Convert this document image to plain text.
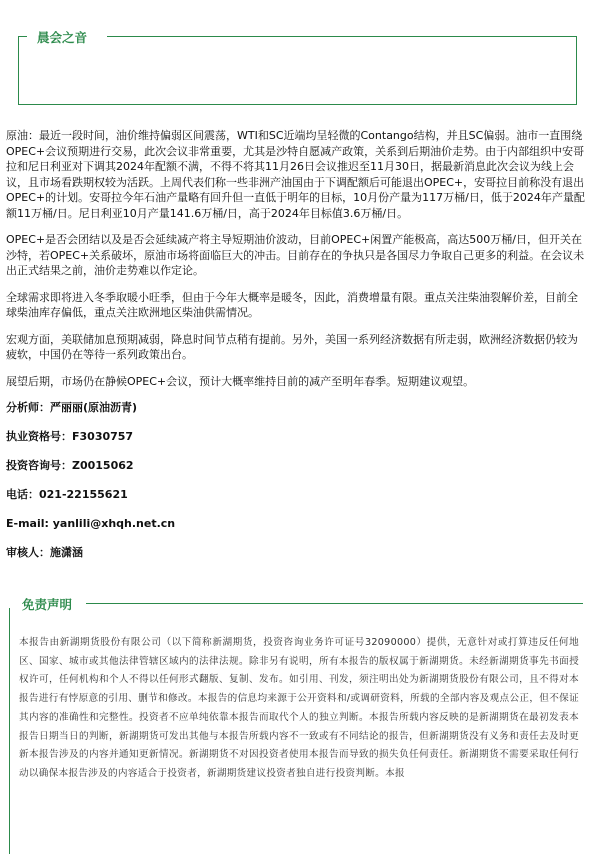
晨会之音

原油：最近一段时间，油价维持偏弱区间震荡，WTI和SC近端均呈轻微的Contango结构，并且SC偏弱。油市一直围绕OPEC+会议预期进行交易，此次会议非常重要，尤其是沙特自愿减产政策，关系到后期油价走势。由于内部组织中安哥拉和尼日利亚对下调其2024年配额不满，不得不将其11月26日会议推迟至11月30日，据最新消息此次会议为线上会议，且市场看跌期权较为活跃。上周代表们称一些非洲产油国由于下调配额后可能退出OPEC+，安哥拉目前称没有退出OPEC+的计划。安哥拉今年石油产量略有回升但一直低于明年的目标，10月份产量为117万桶/日，低于2024年产量配额11万桶/日。尼日利亚10月产量141.6万桶/日，高于2024年目标值3.6万桶/日。

OPEC+是否会团结以及是否会延续减产将主导短期油价波动，目前OPEC+闲置产能极高，高达500万桶/日，但开关在沙特，若OPEC+关系破坏，原油市场将面临巨大的冲击。目前存在的争执只是各国尽力争取自己更多的利益。在会议未出正式结果之前，油价走势难以作定论。

全球需求即将进入冬季取暖小旺季，但由于今年大概率是暖冬，因此，消费增量有限。重点关注柴油裂解价差，目前全球柴油库存偏低，重点关注欧洲地区柴油供需情况。

宏观方面，美联储加息预期减弱，降息时间节点稍有提前。另外，美国一系列经济数据有所走弱，欧洲经济数据仍较为疲软，中国仍在等待一系列政策出台。

展望后期，市场仍在静候OPEC+会议，预计大概率维持目前的减产至明年春季。短期建议观望。

分析师：严丽丽(原油沥青)

执业资格号：F3030757

投资咨询号：Z0015062

电话：021-22155621

E-mail: yanlili@xhqh.net.cn

审核人：施潇涵

免责声明
本报告由新湖期货股份有限公司（以下简称新湖期货，投资咨询业务许可证号32090000）提供，无意针对或打算违反任何地区、国家、城市或其他法律管辖区域内的法律法规。除非另有说明，所有本报告的版权属于新湖期货。未经新湖期货事先书面授权许可，任何机构和个人不得以任何形式翻版、复制、发布。如引用、刊发，须注明出处为新湖期货股份有限公司，且不得对本报告进行有悖原意的引用、删节和修改。本报告的信息均来源于公开资料和/或调研资料，所载的全部内容及观点公正，但不保证其内容的准确性和完整性。投资者不应单纯依靠本报告而取代个人的独立判断。本报告所载内容反映的是新湖期货在最初发表本报告日期当日的判断，新湖期货可发出其他与本报告所载内容不一致或有不同结论的报告，但新湖期货没有义务和责任去及时更新本报告涉及的内容并通知更新情况。新湖期货不对因投资者使用本报告而导致的损失负任何责任。新湖期货不需要采取任何行动以确保本报告涉及的内容适合于投资者，新湖期货建议投资者独自进行投资判断。本报
